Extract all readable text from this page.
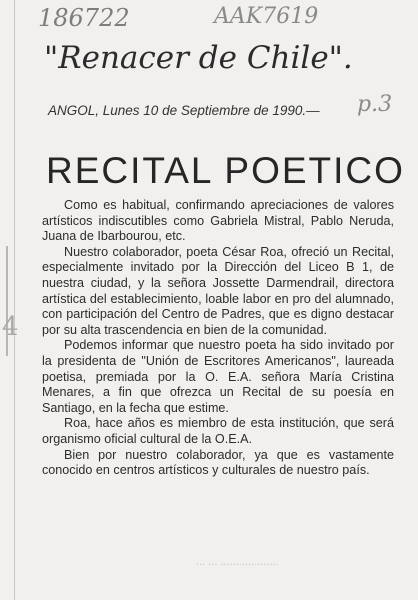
186722	AAK7619
p.3
"Renacer de Chile".
ANGOL, Lunes 10 de Septiembre de 1990.—
RECITAL POETICO
4

Como es habitual, confirmando apreciaciones de valores artísticos indiscutibles como Gabriela Mistral, Pablo Neruda, Juana de Ibarbourou, etc.

Nuestro colaborador, poeta César Roa, ofreció un Recital, especialmente invitado por la Dirección del Liceo B 1, de nuestra ciudad, y la señora Jossette Darmendrail, directora artística del establecimiento, loable labor en pro del alumnado, con participación del Centro de Padres, que es digno destacar por su alta trascendencia en bien de la comunidad.

Podemos informar que nuestro poeta ha sido invitado por la presidenta de "Unión de Escritores Americanos", laureada poetisa, premiada por la O. E.A. señora María Cristina Menares, a fin que ofrezca un Recital de su poesía en Santiago, en la fecha que estime.

Roa, hace años es miembro de esta institución, que será organismo oficial cultural de la O.E.A.

Bien por nuestro colaborador, ya que es vastamente conocido en centros artísticos y culturales de nuestro país.

... ... ...................
